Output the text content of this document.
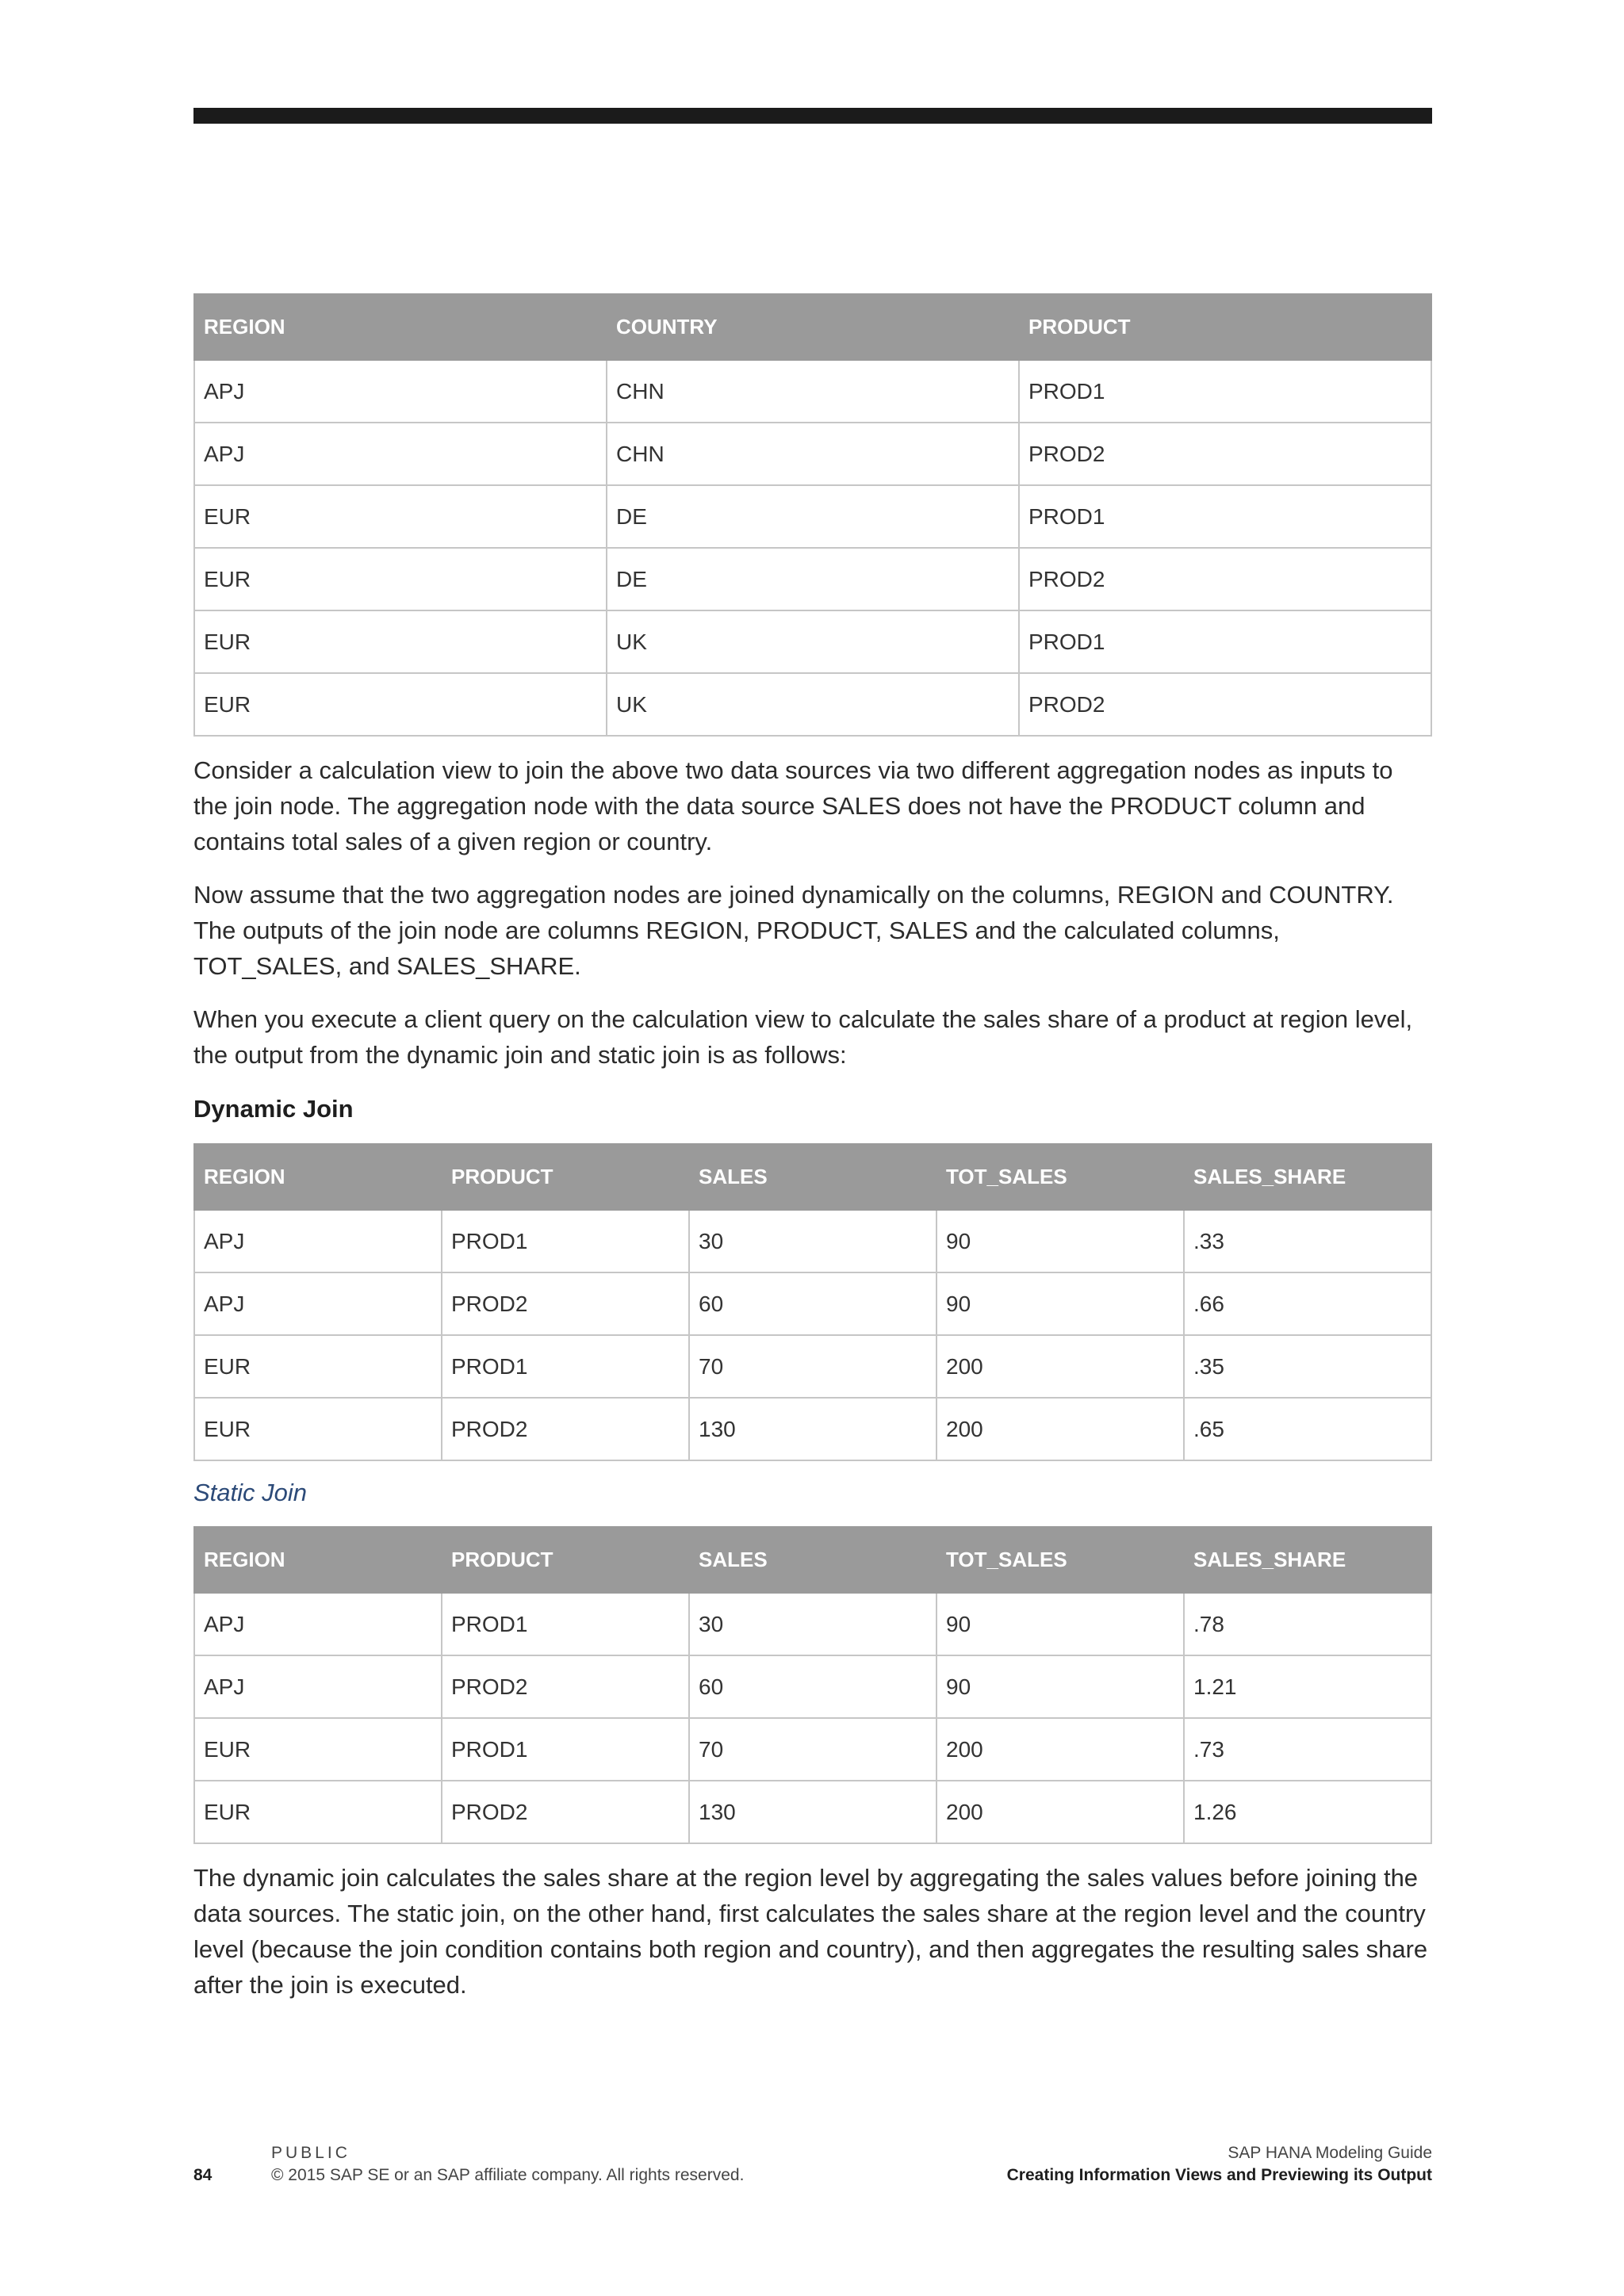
REGION	COUNTRY	PRODUCT
APJ	CHN	PROD1
APJ	CHN	PROD2
EUR	DE	PROD1
EUR	DE	PROD2
EUR	UK	PROD1
EUR	UK	PROD2

Consider a calculation view to join the above two data sources via two different aggregation nodes as inputs to the join node. The aggregation node with the data source SALES does not have the PRODUCT column and contains total sales of a given region or country.

Now assume that the two aggregation nodes are joined dynamically on the columns, REGION and COUNTRY. The outputs of the join node are columns REGION, PRODUCT, SALES and the calculated columns, TOT_SALES, and SALES_SHARE.

When you execute a client query on the calculation view to calculate the sales share of a product at region level, the output from the dynamic join and static join is as follows:

Dynamic Join
REGION	PRODUCT	SALES	TOT_SALES	SALES_SHARE
APJ	PROD1	30	90	.33
APJ	PROD2	60	90	.66
EUR	PROD1	70	200	.35
EUR	PROD2	130	200	.65
Static Join
REGION	PRODUCT	SALES	TOT_SALES	SALES_SHARE
APJ	PROD1	30	90	.78
APJ	PROD2	60	90	1.21
EUR	PROD1	70	200	.73
EUR	PROD2	130	200	1.26

The dynamic join calculates the sales share at the region level by aggregating the sales values before joining the data sources. The static join, on the other hand, first calculates the sales share at the region level and the country level (because the join condition contains both region and country), and then aggregates the resulting sales share after the join is executed.

PUBLIC
84	© 2015 SAP SE or an SAP affiliate company. All rights reserved.
SAP HANA Modeling Guide
Creating Information Views and Previewing its Output
